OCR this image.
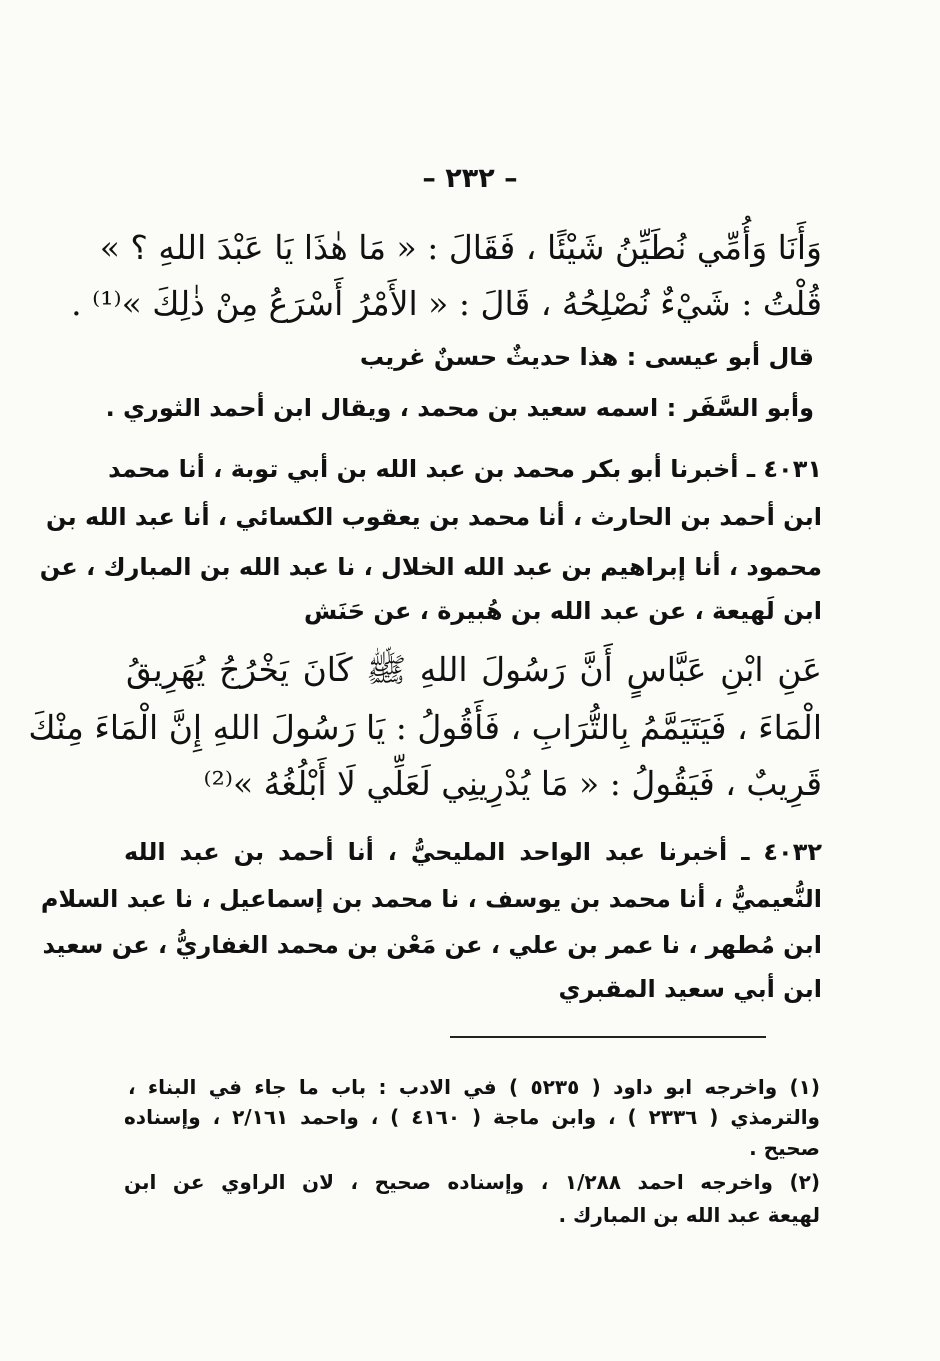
– ٢٣٢ –
وَأَنَا وَأُمِّي نُطَيِّنُ شَيْئًا ، فَقَالَ : « مَا هٰذَا يَا عَبْدَ اللهِ ؟ »
قُلْتُ : شَيْءٌ نُصْلِحُهُ ، قَالَ : « الأَمْرُ أَسْرَعُ مِنْ ذٰلِكَ »⁽¹⁾ .
قال أبو عيسى : هذا حديثٌ حسنٌ غريب
وأبو السَّفَر : اسمه سعيد بن محمد ، ويقال ابن أحمد الثوري .
٤٠٣١ ـ أخبرنا أبو بكر محمد بن عبد الله بن أبي توبة ، أنا محمد
ابن أحمد بن الحارث ، أنا محمد بن يعقوب الكسائي ، أنا عبد الله بن
محمود ، أنا إبراهيم بن عبد الله الخلال ، نا عبد الله بن المبارك ، عن
ابن لَهيعة ، عن عبد الله بن هُبيرة ، عن حَنَش
عَنِ ابْنِ عَبَّاسٍ أَنَّ رَسُولَ اللهِ ﷺ كَانَ يَخْرُجُ يُهَرِيقُ
الْمَاءَ ، فَيَتَيَمَّمُ بِالتُّرَابِ ، فَأَقُولُ : يَا رَسُولَ اللهِ إِنَّ الْمَاءَ مِنْكَ
قَرِيبٌ ، فَيَقُولُ : « مَا يُدْرِينِي لَعَلِّي لَا أَبْلُغُهُ »⁽²⁾
٤٠٣٢ ـ أخبرنا عبد الواحد المليحيُّ ، أنا أحمد بن عبد الله
النُّعيميُّ ، أنا محمد بن يوسف ، نا محمد بن إسماعيل ، نا عبد السلام
ابن مُطهر ، نا عمر بن علي ، عن مَعْن بن محمد الغفاريُّ ، عن سعيد
ابن أبي سعيد المقبري
(١) واخرجه ابو داود ( ٥٢٣٥ ) في الادب : باب ما جاء في البناء ،
والترمذي ( ٢٣٣٦ ) ، وابن ماجة ( ٤١٦٠ ) ، واحمد ٢/١٦١ ، وإسناده
صحيح .
(٢) واخرجه احمد ١/٢٨٨ ، وإسناده صحيح ، لان الراوي عن ابن
لهيعة عبد الله بن المبارك .
